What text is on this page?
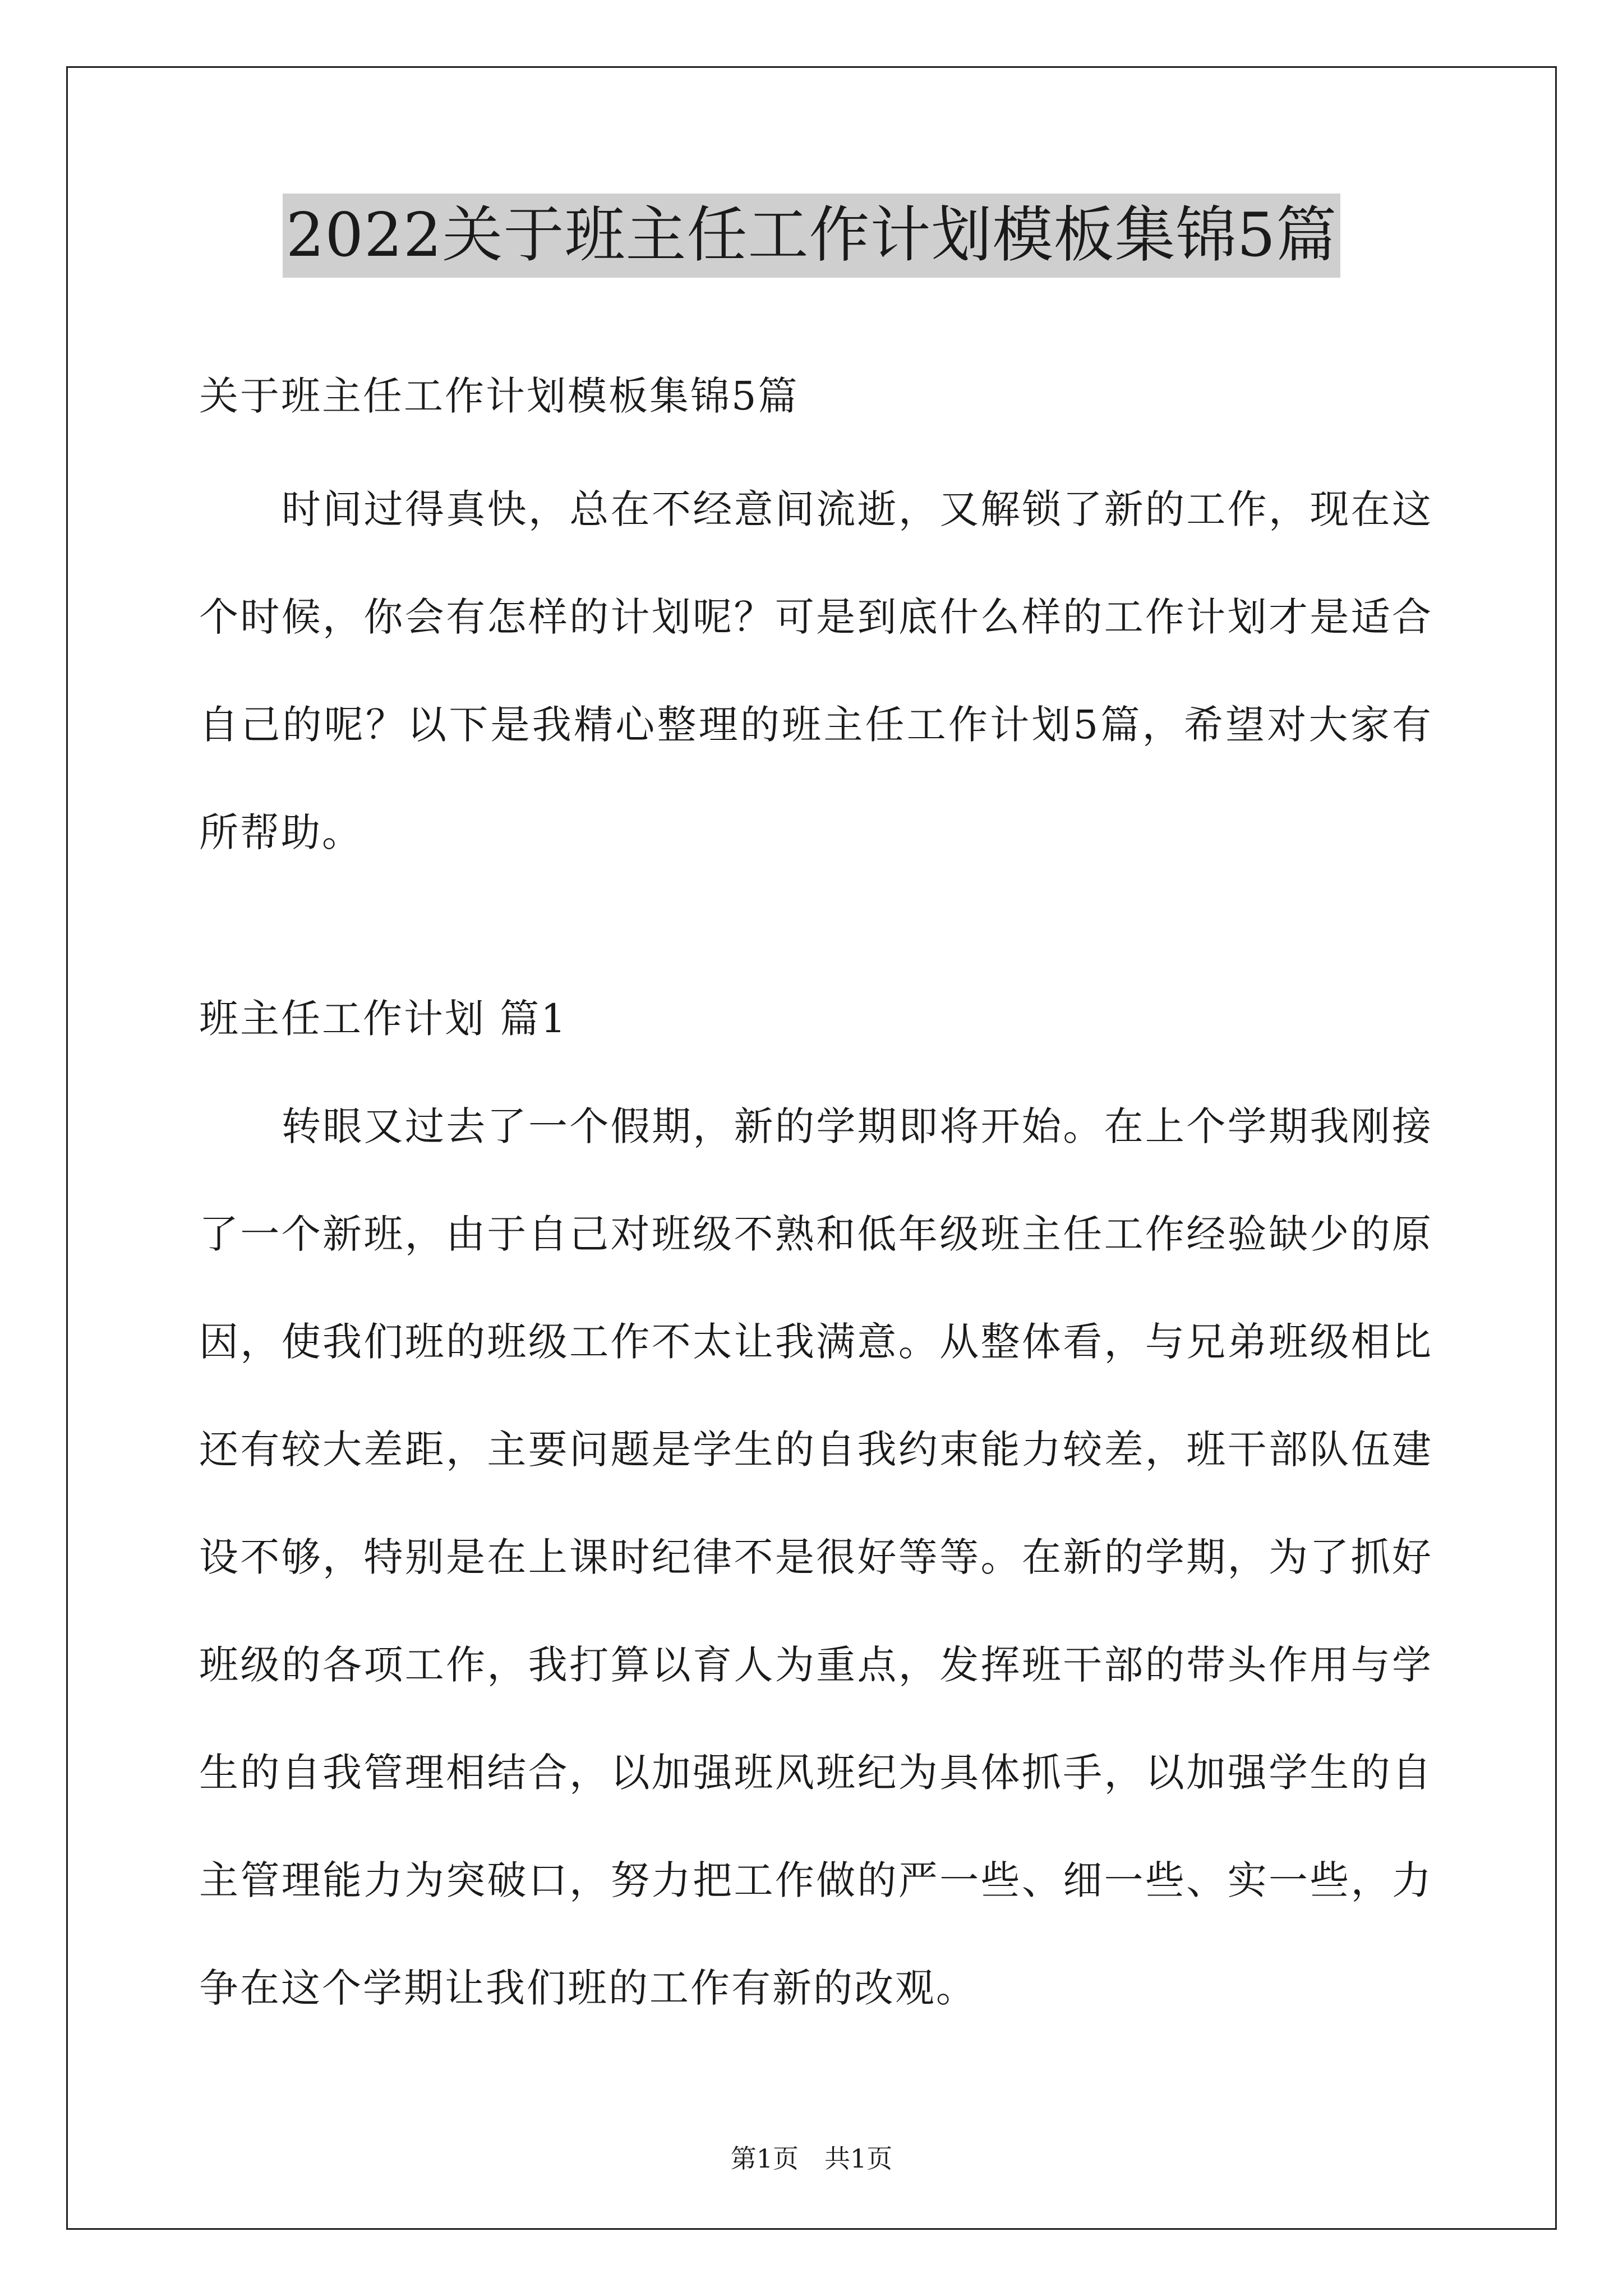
2022关于班主任工作计划模板集锦5篇

关于班主任工作计划模板集锦5篇

时间过得真快，总在不经意间流逝，又解锁了新的工作，现在这个时候，你会有怎样的计划呢？可是到底什么样的工作计划才是适合自己的呢？以下是我精心整理的班主任工作计划5篇，希望对大家有所帮助。

班主任工作计划 篇1

转眼又过去了一个假期，新的学期即将开始。在上个学期我刚接了一个新班，由于自己对班级不熟和低年级班主任工作经验缺少的原因，使我们班的班级工作不太让我满意。从整体看，与兄弟班级相比还有较大差距，主要问题是学生的自我约束能力较差，班干部队伍建设不够，特别是在上课时纪律不是很好等等。在新的学期，为了抓好班级的各项工作，我打算以育人为重点，发挥班干部的带头作用与学生的自我管理相结合，以加强班风班纪为具体抓手，以加强学生的自主管理能力为突破口，努力把工作做的严一些、细一些、实一些，力争在这个学期让我们班的工作有新的改观。

第1页　共1页
